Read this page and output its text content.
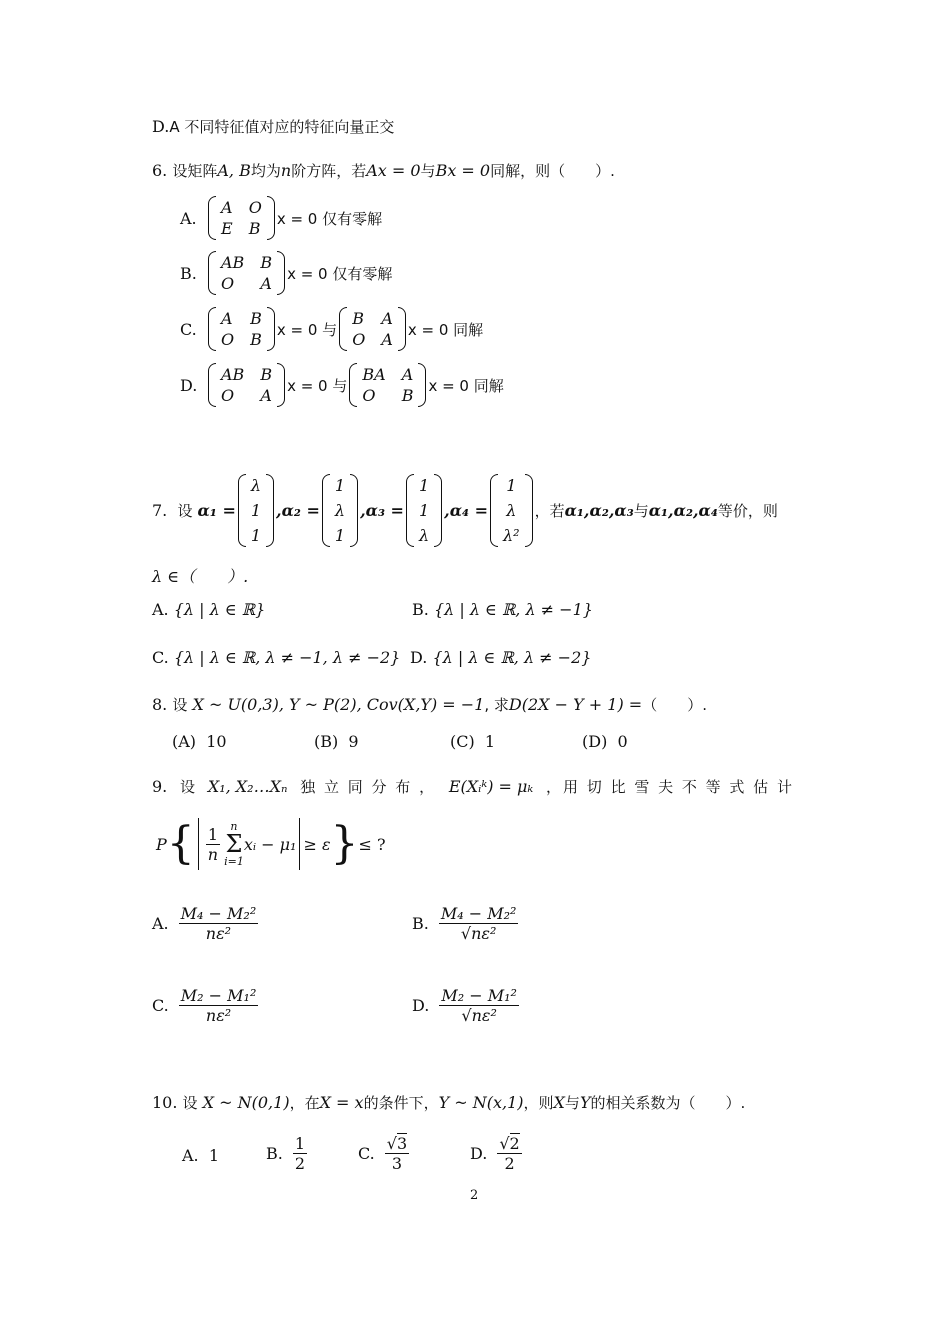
D. A 不同特征值对应的特征向量正交
6.
设矩阵 A, B 均为 n 阶方阵，若 Ax = 0 与 Bx = 0 同解，则（　　）.
A.
A O
E B
x = 0 仅有零解
B.
AB B
O	A
x = 0 仅有零解
C.
A B
O B
x = 0 与
B A
O A
x = 0 同解
D.
AB B
O	A
x = 0 与
BA A
O	B
x = 0 同解
7.
设
α₁ =
λ
1
1
,α₂ =
1
λ
1
,α₃ =
1
1
λ
,α₄ =
1
λ
λ²
，若 α₁,α₂,α₃ 与 α₁,α₂,α₄ 等价，则
λ ∈（　　）.
A. {λ | λ ∈ ℝ}	B. {λ | λ ∈ ℝ, λ ≠ −1}
C. {λ | λ ∈ ℝ, λ ≠ −1, λ ≠ −2} D. {λ | λ ∈ ℝ, λ ≠ −2}
8.
设
X ~ U(0,3), Y ~ P(2), Cov(X,Y) = −1 , 求 D(2X − Y + 1) = （　　）.
(A) 10	(B) 9	(C) 1	(D) 0
9. 设 X₁, X₂…Xₙ 独 立 同 分 布 ， E(Xᵢᵏ) = μₖ ，用 切 比 雪 夫 不 等 式 估 计
P { $\frac{1}{n}$ n
Σ
i=1
xᵢ − μ₁ ≥ ε } ≤ ?
A. $\frac{\text{M₄ − M₂²}}{\text{nε²}}$	B. $\frac{\text{M₄ − M₂²}}{\text{√nε²}}$
C. $\frac{\text{M₂ − M₁²}}{\text{nε²}}$	D. $\frac{\text{M₂ − M₁²}}{\text{√nε²}}$
10.
设
X ~ N(0,1) ，在 X = x 的条件下， Y ~ N(x,1) ，则 X 与 Y 的相关系数为（　　）.
A.
1	B. $\frac{1}{2}$	C. $\frac{√3}{3}$	D. $\frac{√2}{2}$
2
